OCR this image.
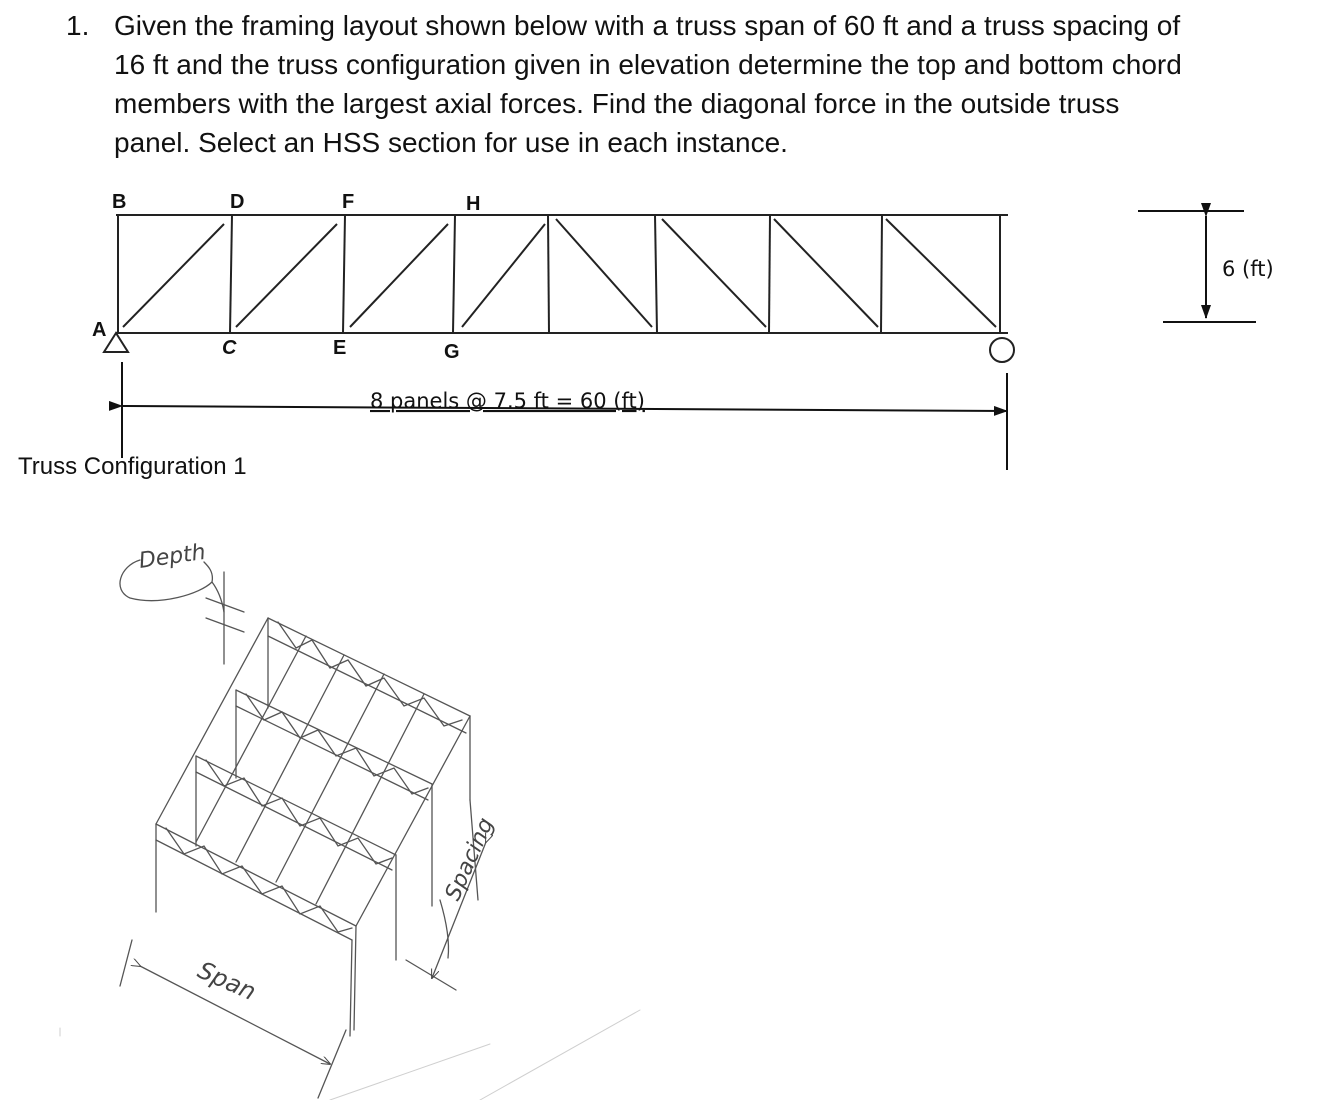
1. Given the framing layout shown below with a truss span of 60 ft and a truss spacing of
16 ft and the truss configuration given in elevation determine the top and bottom chord
members with the largest axial forces. Find the diagonal force in the outside truss
panel. Select an HSS section for use in each instance.
B	D	F	H
A
C	E	G
8 panels @ 7.5 ft = 60 (ft)
6 (ft)
Depth
Span
Spacing
Truss Configuration 1
